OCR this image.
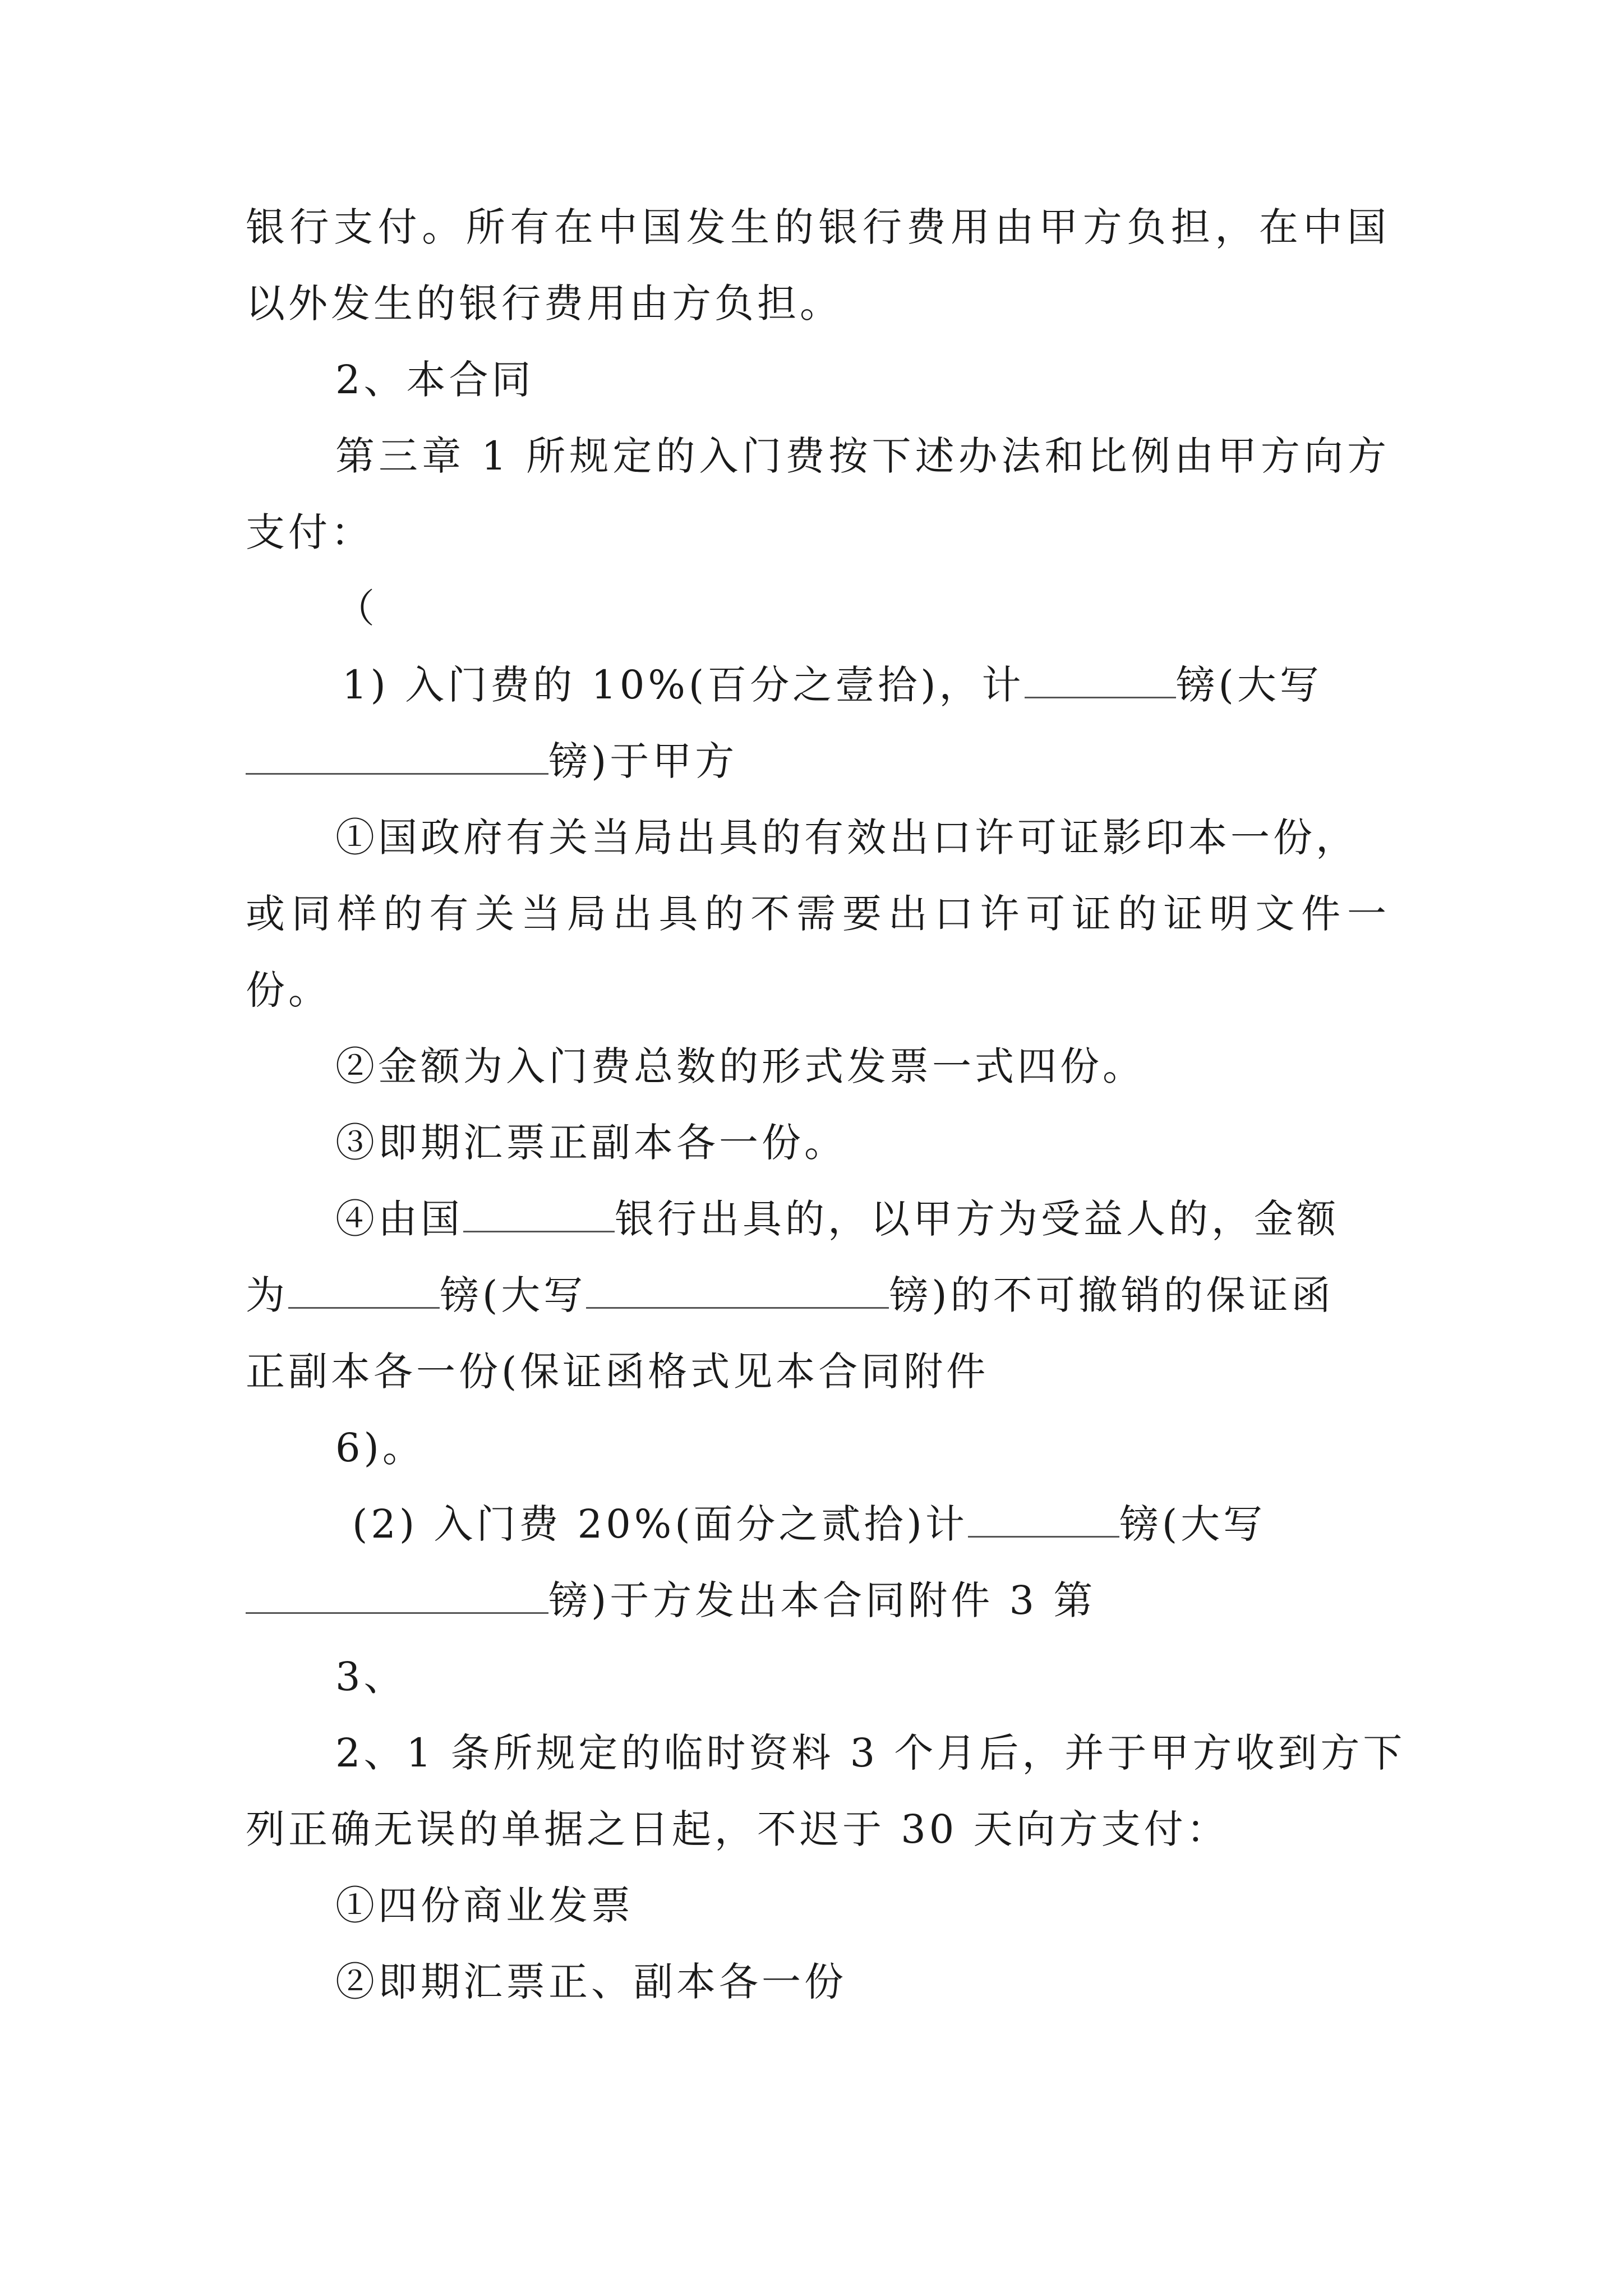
银行支付。所有在中国发生的银行费用由甲方负担，在中国
以外发生的银行费用由方负担。
2、本合同
第三章 1 所规定的入门费按下述办法和比例由甲方向方
支付：
（
1) 入门费的 10%(百分之壹拾)，计	镑(大写
镑)于甲方
①国政府有关当局出具的有效出口许可证影印本一份，
或同样的有关当局出具的不需要出口许可证的证明文件一
份。
②金额为入门费总数的形式发票一式四份。
③即期汇票正副本各一份。
④由国	银行出具的，以甲方为受益人的，金额
为	镑(大写	镑)的不可撤销的保证函
正副本各一份(保证函格式见本合同附件
6)。
(2) 入门费 20%(面分之贰拾)计	镑(大写
镑)于方发出本合同附件 3 第
3、
2、1 条所规定的临时资料 3 个月后，并于甲方收到方下
列正确无误的单据之日起，不迟于 30 天向方支付：
①四份商业发票
②即期汇票正、副本各一份
